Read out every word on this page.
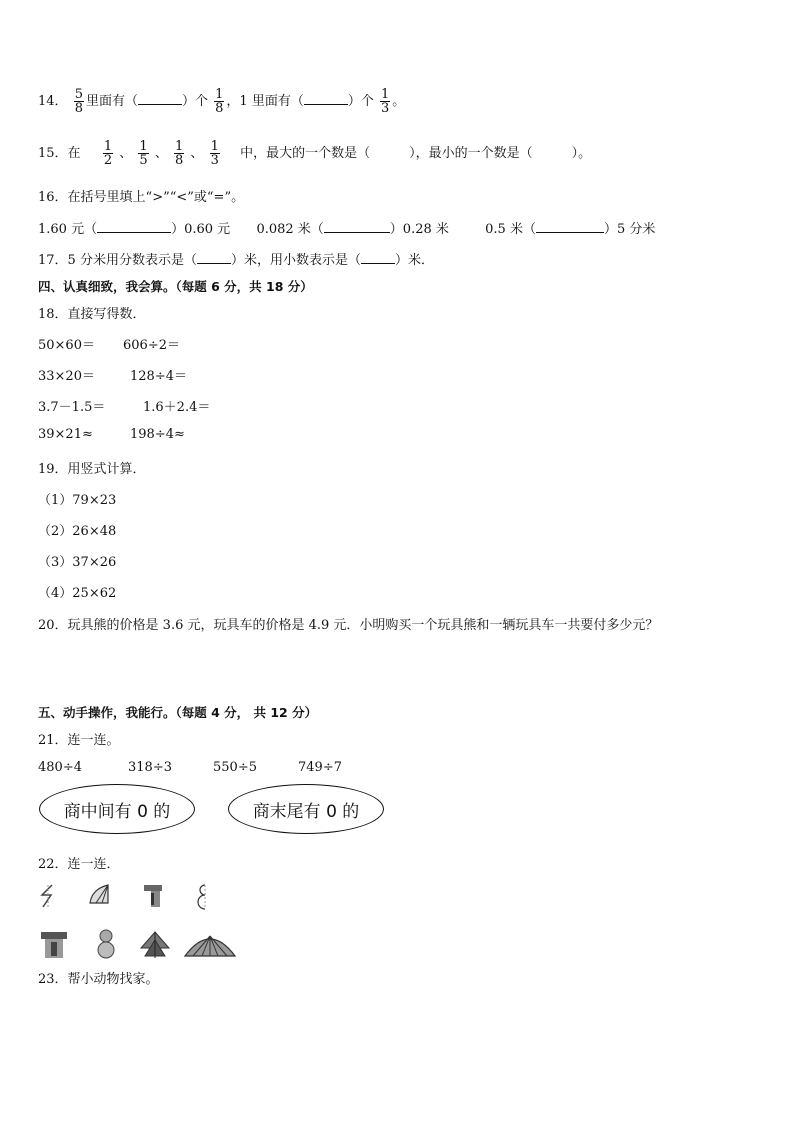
14． $\frac{5}{8}$ 里面有（	）个 $\frac{1}{8}$ ，1 里面有（	）个 $\frac{1}{3}$ 。
15．在 $\frac{1}{2}$ 、 $\frac{1}{5}$ 、 $\frac{1}{8}$ 、 $\frac{1}{3}$ 中，最大的一个数是（　　　），最小的一个数是（　　　）。
16．在括号里填上“>”“<”或“=”。
1.60 元（	）0.60 元 0.082 米（	）0.28 米	0.5 米（	）5 分米
17．5 分米用分数表示是（	）米，用小数表示是（	）米．
四、认真细致，我会算。（每题 6 分，共 18 分）
18．直接写得数．
50×60＝ 606÷2＝
33×20＝	128÷4＝
3.7－1.5＝	1.6＋2.4＝
39×21≈	198÷4≈
19．用竖式计算．
（1）79×23
（2）26×48
（3）37×26
（4）25×62
20．玩具熊的价格是 3.6 元，玩具车的价格是 4.9 元．小明购买一个玩具熊和一辆玩具车一共要付多少元？
五、动手操作，我能行。（每题 4 分， 共 12 分）
21．连一连。
480÷4	318÷3	550÷5	749÷7
商中间有 0 的	商末尾有 0 的
22．连一连．
23．帮小动物找家。
